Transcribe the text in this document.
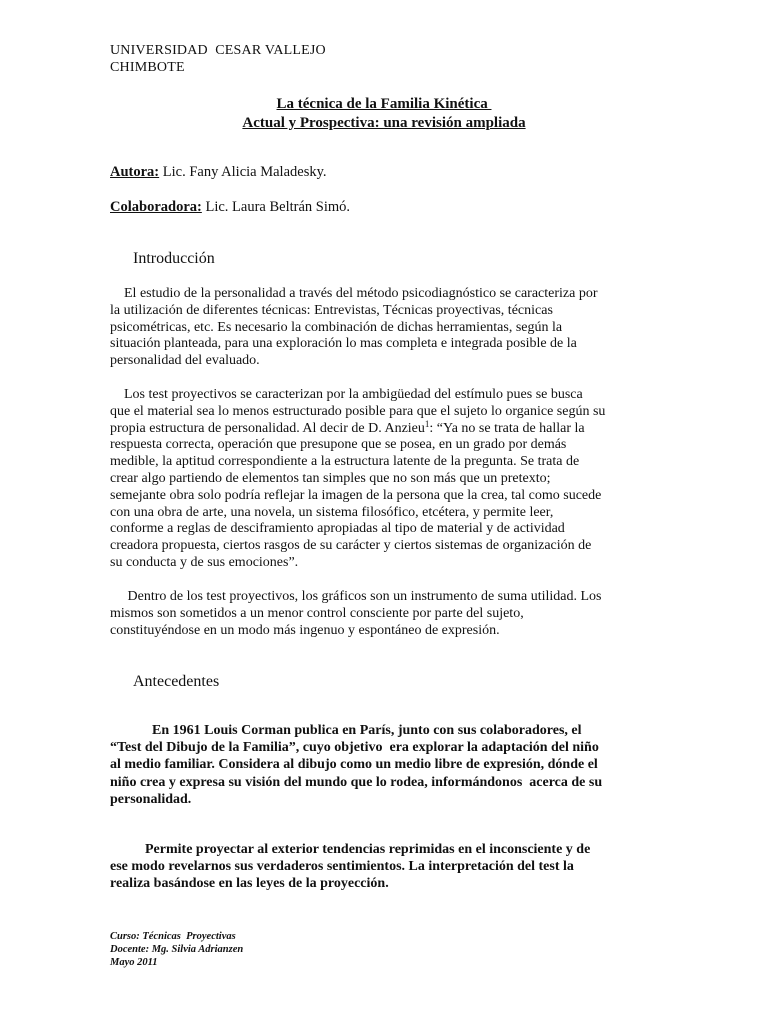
UNIVERSIDAD  CESAR VALLEJO
CHIMBOTE
La técnica de la Familia Kinética
Actual y Prospectiva: una revisión ampliada
Autora: Lic. Fany Alicia Maladesky.
Colaboradora: Lic. Laura Beltrán Simó.
Introducción
El estudio de la personalidad a través del método psicodiagnóstico se caracteriza por
la utilización de diferentes técnicas: Entrevistas, Técnicas proyectivas, técnicas
psicométricas, etc. Es necesario la combinación de dichas herramientas, según la
situación planteada, para una exploración lo mas completa e integrada posible de la
personalidad del evaluado.
Los test proyectivos se caracterizan por la ambigüedad del estímulo pues se busca
que el material sea lo menos estructurado posible para que el sujeto lo organice según su
propia estructura de personalidad. Al decir de D. Anzieu$^1$: “Ya no se trata de hallar la
respuesta correcta, operación que presupone que se posea, en un grado por demás
medible, la aptitud correspondiente a la estructura latente de la pregunta. Se trata de
crear algo partiendo de elementos tan simples que no son más que un pretexto;
semejante obra solo podría reflejar la imagen de la persona que la crea, tal como sucede
con una obra de arte, una novela, un sistema filosófico, etcétera, y permite leer,
conforme a reglas de desciframiento apropiadas al tipo de material y de actividad
creadora propuesta, ciertos rasgos de su carácter y ciertos sistemas de organización de
su conducta y de sus emociones”.
Dentro de los test proyectivos, los gráficos son un instrumento de suma utilidad. Los
mismos son sometidos a un menor control consciente por parte del sujeto,
constituyéndose en un modo más ingenuo y espontáneo de expresión.
Antecedentes
En 1961 Louis Corman publica en París, junto con sus colaboradores, el
“Test del Dibujo de la Familia”, cuyo objetivo  era explorar la adaptación del niño
al medio familiar. Considera al dibujo como un medio libre de expresión, dónde el
niño crea y expresa su visión del mundo que lo rodea, informándonos  acerca de su
personalidad.
Permite proyectar al exterior tendencias reprimidas en el inconsciente y de
ese modo revelarnos sus verdaderos sentimientos. La interpretación del test la
realiza basándose en las leyes de la proyección.
Curso: Técnicas  Proyectivas
Docente: Mg. Silvia Adrianzen
Mayo 2011
